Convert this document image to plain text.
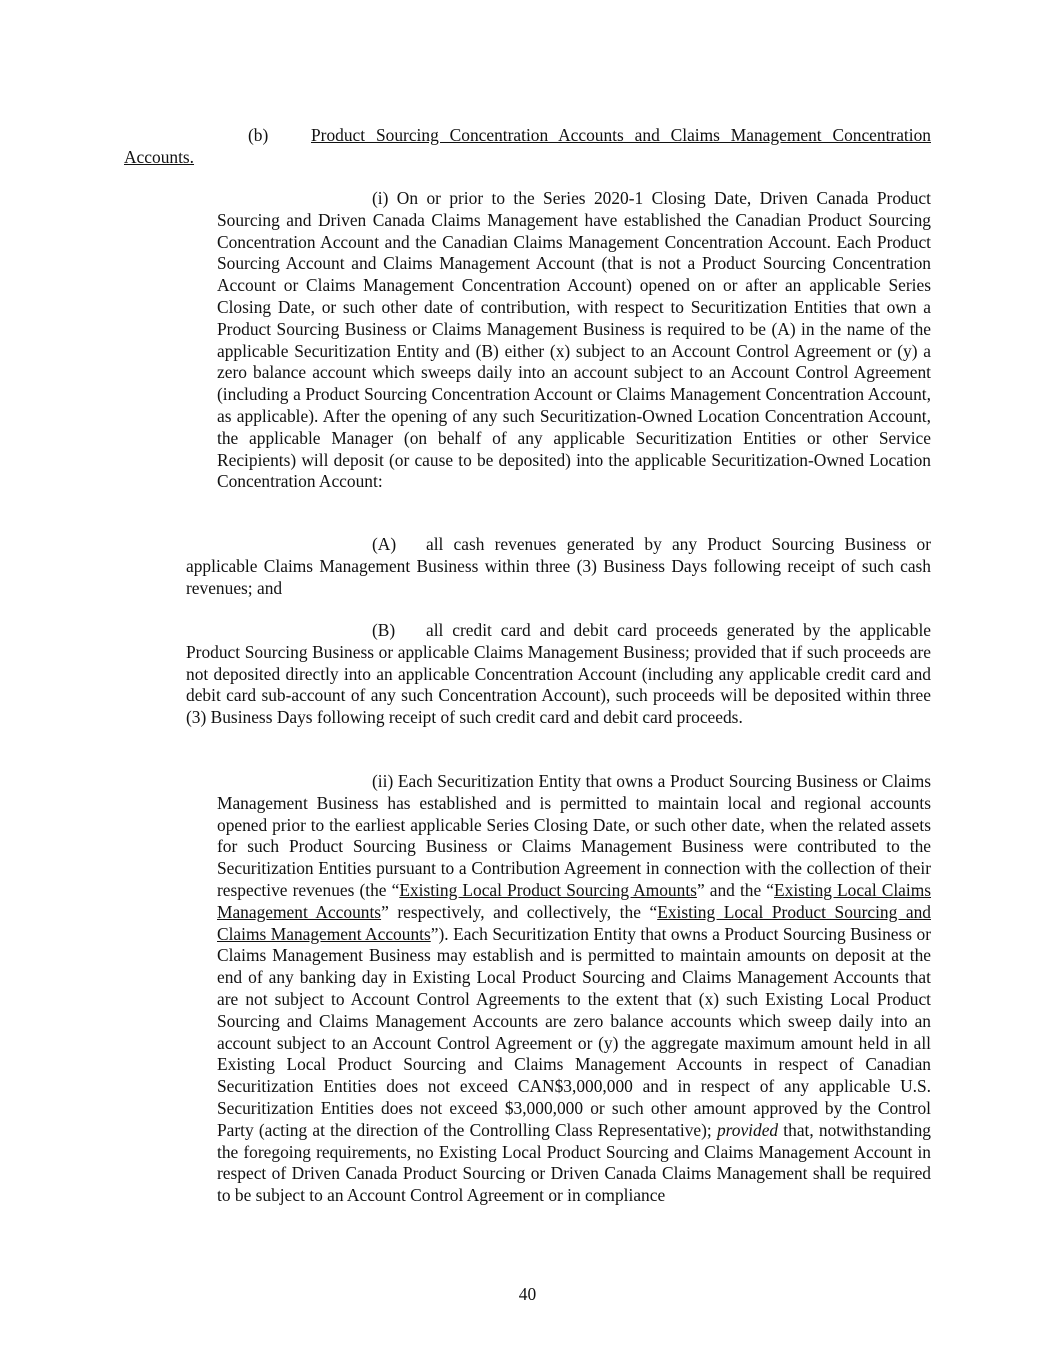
(b) Product Sourcing Concentration Accounts and Claims Management Concentration Accounts.

(i) On or prior to the Series 2020-1 Closing Date, Driven Canada Product Sourcing and Driven Canada Claims Management have established the Canadian Product Sourcing Concentration Account and the Canadian Claims Management Concentration Account. Each Product Sourcing Account and Claims Management Account (that is not a Product Sourcing Concentration Account or Claims Management Concentration Account) opened on or after an applicable Series Closing Date, or such other date of contribution, with respect to Securitization Entities that own a Product Sourcing Business or Claims Management Business is required to be (A) in the name of the applicable Securitization Entity and (B) either (x) subject to an Account Control Agreement or (y) a zero balance account which sweeps daily into an account subject to an Account Control Agreement (including a Product Sourcing Concentration Account or Claims Management Concentration Account, as applicable). After the opening of any such Securitization-Owned Location Concentration Account, the applicable Manager (on behalf of any applicable Securitization Entities or other Service Recipients) will deposit (or cause to be deposited) into the applicable Securitization-Owned Location Concentration Account:

(A) all cash revenues generated by any Product Sourcing Business or applicable Claims Management Business within three (3) Business Days following receipt of such cash revenues; and

(B) all credit card and debit card proceeds generated by the applicable Product Sourcing Business or applicable Claims Management Business; provided that if such proceeds are not deposited directly into an applicable Concentration Account (including any applicable credit card and debit card sub-account of any such Concentration Account), such proceeds will be deposited within three (3) Business Days following receipt of such credit card and debit card proceeds.

(ii) Each Securitization Entity that owns a Product Sourcing Business or Claims Management Business has established and is permitted to maintain local and regional accounts opened prior to the earliest applicable Series Closing Date, or such other date, when the related assets for such Product Sourcing Business or Claims Management Business were contributed to the Securitization Entities pursuant to a Contribution Agreement in connection with the collection of their respective revenues (the “Existing Local Product Sourcing Amounts” and the “Existing Local Claims Management Accounts” respectively, and collectively, the “Existing Local Product Sourcing and Claims Management Accounts”). Each Securitization Entity that owns a Product Sourcing Business or Claims Management Business may establish and is permitted to maintain amounts on deposit at the end of any banking day in Existing Local Product Sourcing and Claims Management Accounts that are not subject to Account Control Agreements to the extent that (x) such Existing Local Product Sourcing and Claims Management Accounts are zero balance accounts which sweep daily into an account subject to an Account Control Agreement or (y) the aggregate maximum amount held in all Existing Local Product Sourcing and Claims Management Accounts in respect of Canadian Securitization Entities does not exceed CAN$3,000,000 and in respect of any applicable U.S. Securitization Entities does not exceed $3,000,000 or such other amount approved by the Control Party (acting at the direction of the Controlling Class Representative); provided that, notwithstanding the foregoing requirements, no Existing Local Product Sourcing and Claims Management Account in respect of Driven Canada Product Sourcing or Driven Canada Claims Management shall be required to be subject to an Account Control Agreement or in compliance

40
